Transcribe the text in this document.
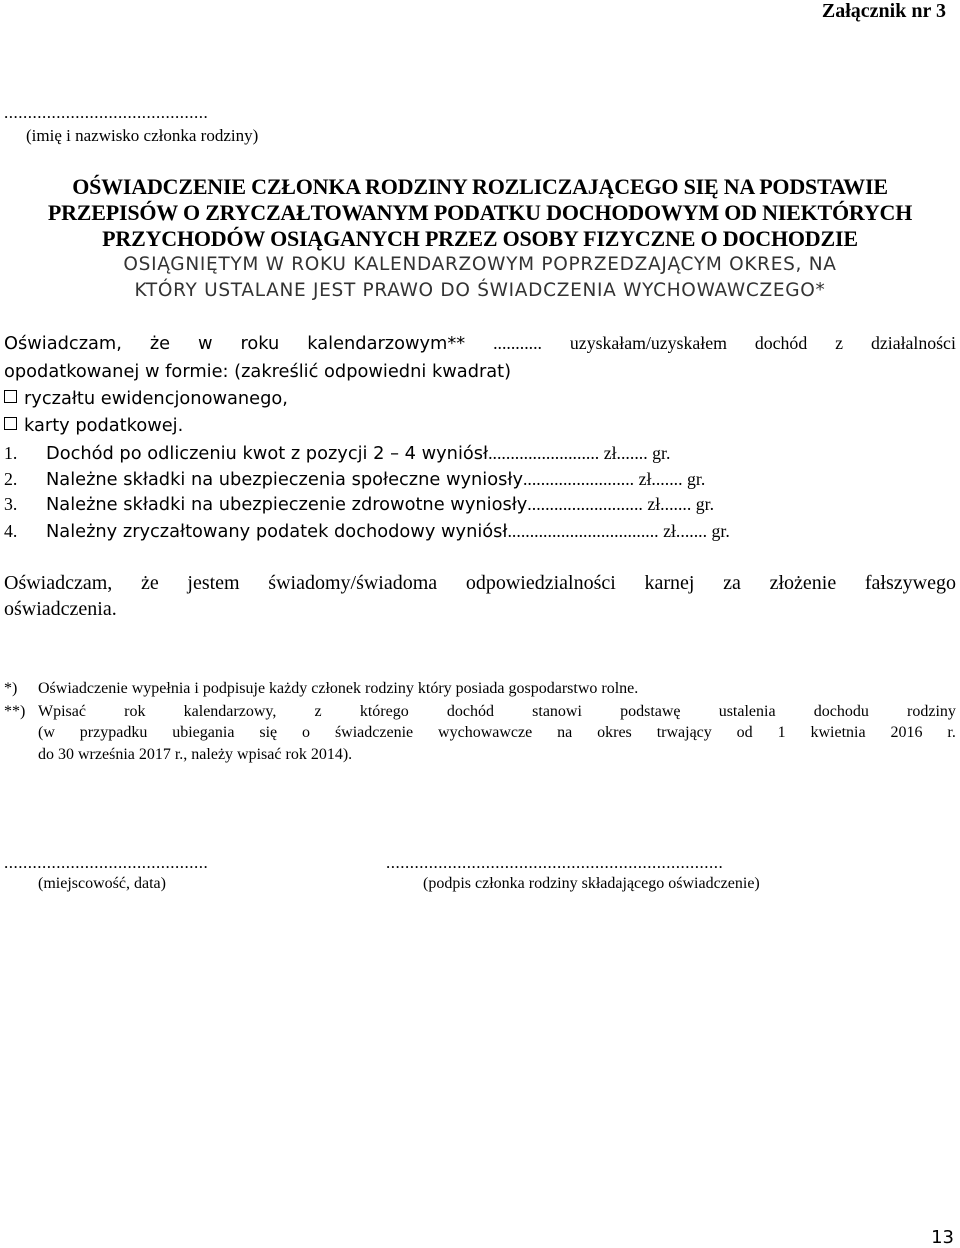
Załącznik nr 3
...........................................
(imię i nazwisko członka rodziny)
OŚWIADCZENIE CZŁONKA RODZINY ROZLICZAJĄCEGO SIĘ NA PODSTAWIE
PRZEPISÓW O ZRYCZAŁTOWANYM PODATKU DOCHODOWYM OD NIEKTÓRYCH
PRZYCHODÓW OSIĄGANYCH PRZEZ OSOBY FIZYCZNE O DOCHODZIE
OSIĄGNIĘTYM W ROKU KALENDARZOWYM POPRZEDZAJĄCYM OKRES, NA
KTÓRY USTALANE JEST PRAWO DO ŚWIADCZENIA WYCHOWAWCZEGO*
Oświadczam, że w roku kalendarzowym** ........... uzyskałam/uzyskałem dochód z działalności
opodatkowanej w formie: (zakreślić odpowiedni kwadrat)
ryczałtu ewidencjonowanego,
karty podatkowej.
1. Dochód po odliczeniu kwot z pozycji 2 – 4 wyniósł......................... zł....... gr.
2. Należne składki na ubezpieczenia społeczne wyniosły......................... zł....... gr.
3. Należne składki na ubezpieczenie zdrowotne wyniosły.......................... zł....... gr.
4. Należny zryczałtowany podatek dochodowy wyniósł.................................. zł....... gr.
Oświadczam, że jestem świadomy/świadoma odpowiedzialności karnej za złożenie fałszywego
oświadczenia.
*) Oświadczenie wypełnia i podpisuje każdy członek rodziny który posiada gospodarstwo rolne.
**) Wpisać rok kalendarzowy, z którego dochód stanowi podstawę ustalenia dochodu rodziny
(w przypadku ubiegania się o świadczenie wychowawcze na okres trwający od 1 kwietnia 2016 r.
do 30 września 2017 r., należy wpisać rok 2014).
...........................................
(miejscowość, data)
.......................................................................
(podpis członka rodziny składającego oświadczenie)
13
